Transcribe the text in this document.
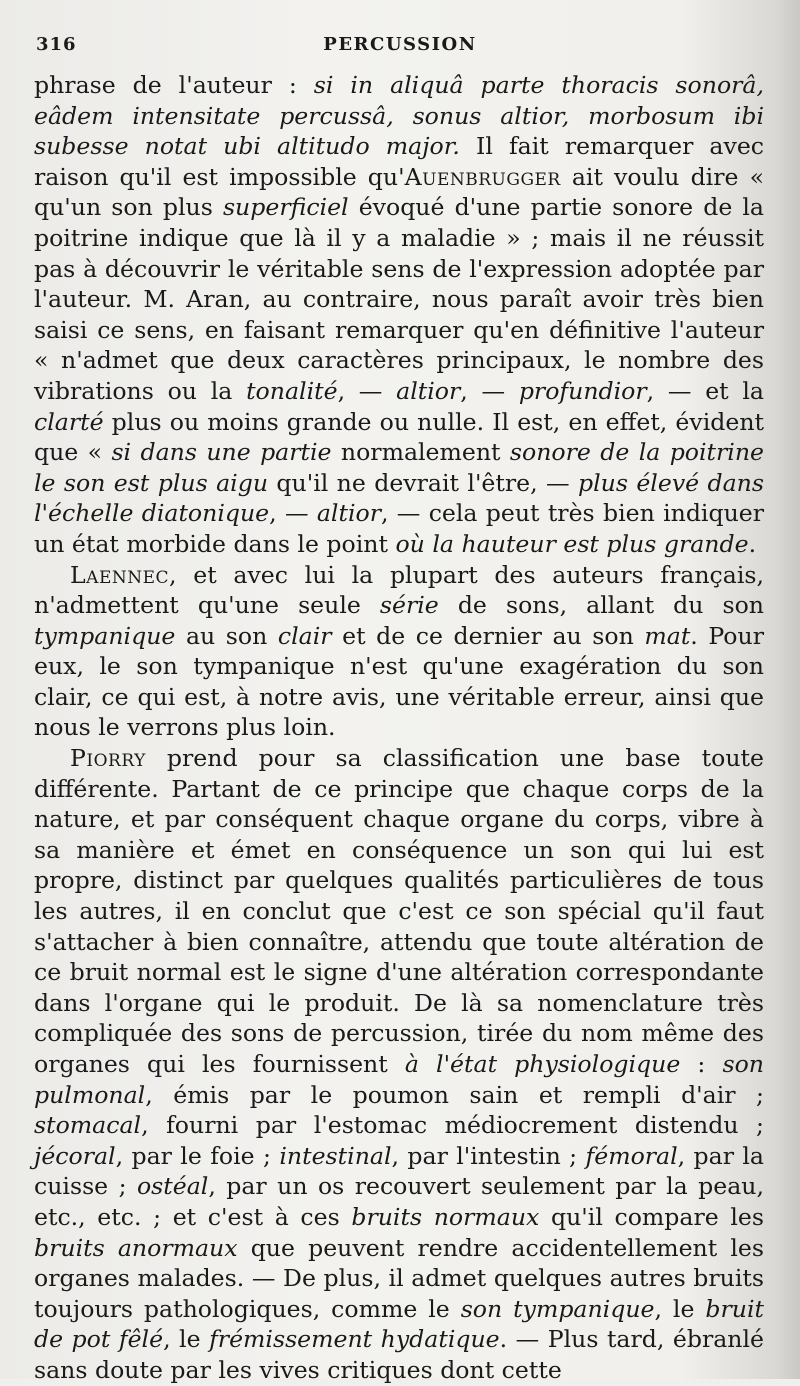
316	PERCUSSION

phrase de l'auteur : si in aliquâ parte thoracis sonorâ, eâdem intensitate percussâ, sonus altior, morbosum ibi subesse notat ubi altitudo major. Il fait remarquer avec raison qu'il est impossible qu'Auenbrugger ait voulu dire « qu'un son plus superficiel évoqué d'une partie sonore de la poitrine indique que là il y a maladie » ; mais il ne réussit pas à découvrir le véritable sens de l'expression adoptée par l'auteur. M. Aran, au contraire, nous paraît avoir très bien saisi ce sens, en faisant remarquer qu'en définitive l'auteur « n'admet que deux caractères principaux, le nombre des vibrations ou la tonalité, — altior, — profundior, — et la clarté plus ou moins grande ou nulle. Il est, en effet, évident que « si dans une partie normalement sonore de la poitrine le son est plus aigu qu'il ne devrait l'être, — plus élevé dans l'échelle diatonique, — altior, — cela peut très bien indiquer un état morbide dans le point où la hauteur est plus grande.

Laennec, et avec lui la plupart des auteurs français, n'admettent qu'une seule série de sons, allant du son tympanique au son clair et de ce dernier au son mat. Pour eux, le son tympanique n'est qu'une exagération du son clair, ce qui est, à notre avis, une véritable erreur, ainsi que nous le verrons plus loin.

Piorry prend pour sa classification une base toute différente. Partant de ce principe que chaque corps de la nature, et par conséquent chaque organe du corps, vibre à sa manière et émet en conséquence un son qui lui est propre, distinct par quelques qualités particulières de tous les autres, il en conclut que c'est ce son spécial qu'il faut s'attacher à bien connaître, attendu que toute altération de ce bruit normal est le signe d'une altération correspondante dans l'organe qui le produit. De là sa nomenclature très compliquée des sons de percussion, tirée du nom même des organes qui les fournissent à l'état physiologique : son pulmonal, émis par le poumon sain et rempli d'air ; stomacal, fourni par l'estomac médiocrement distendu ; jécoral, par le foie ; intestinal, par l'intestin ; fémoral, par la cuisse ; ostéal, par un os recouvert seulement par la peau, etc., etc. ; et c'est à ces bruits normaux qu'il compare les bruits anormaux que peuvent rendre accidentellement les organes malades. — De plus, il admet quelques autres bruits toujours pathologiques, comme le son tympanique, le bruit de pot fêlé, le frémissement hydatique. — Plus tard, ébranlé sans doute par les vives critiques dont cette
